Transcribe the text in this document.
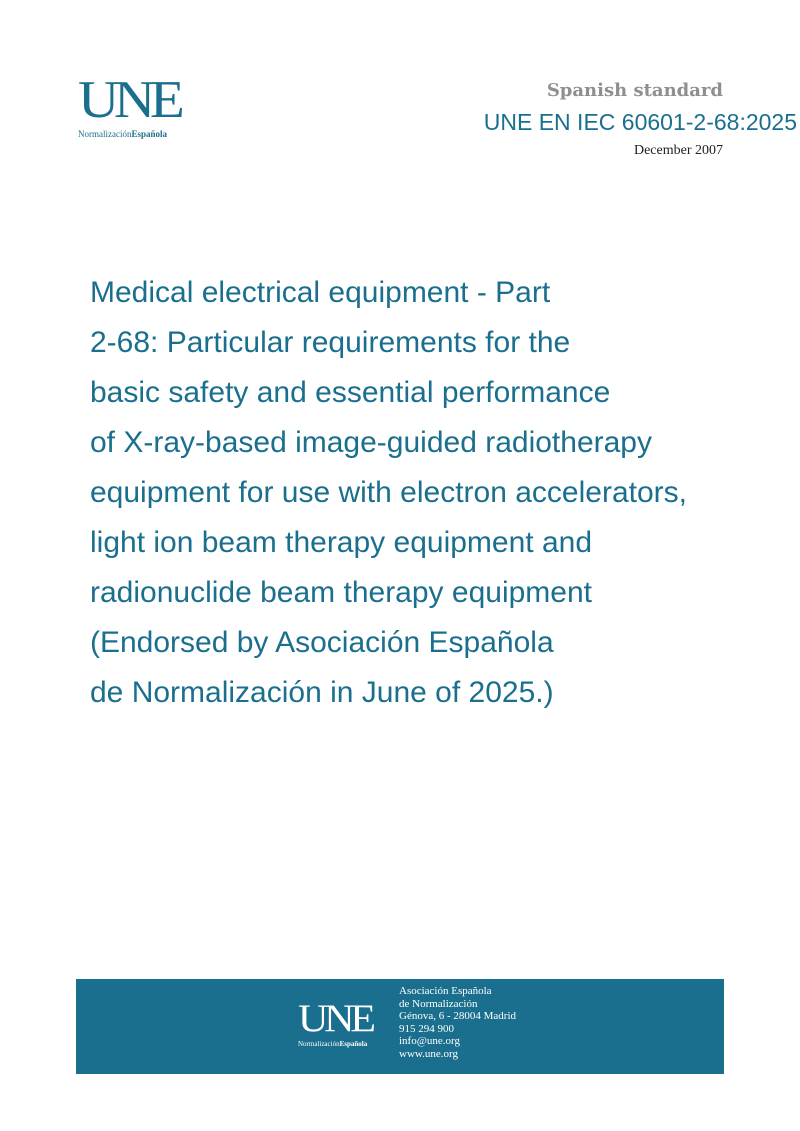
UNE
NormalizaciónEspañola
Spanish standard
UNE EN IEC 60601-2-68:2025
December 2007
Medical electrical equipment - Part
2-68: Particular requirements for the
basic safety and essential performance
of X-ray-based image-guided radiotherapy
equipment for use with electron accelerators,
light ion beam therapy equipment and
radionuclide beam therapy equipment
(Endorsed by Asociación Española
de Normalización in June of 2025.)
UNE
NormalizaciónEspañola
Asociación Española
de Normalización
Génova, 6 - 28004 Madrid
915 294 900
info@une.org
www.une.org
